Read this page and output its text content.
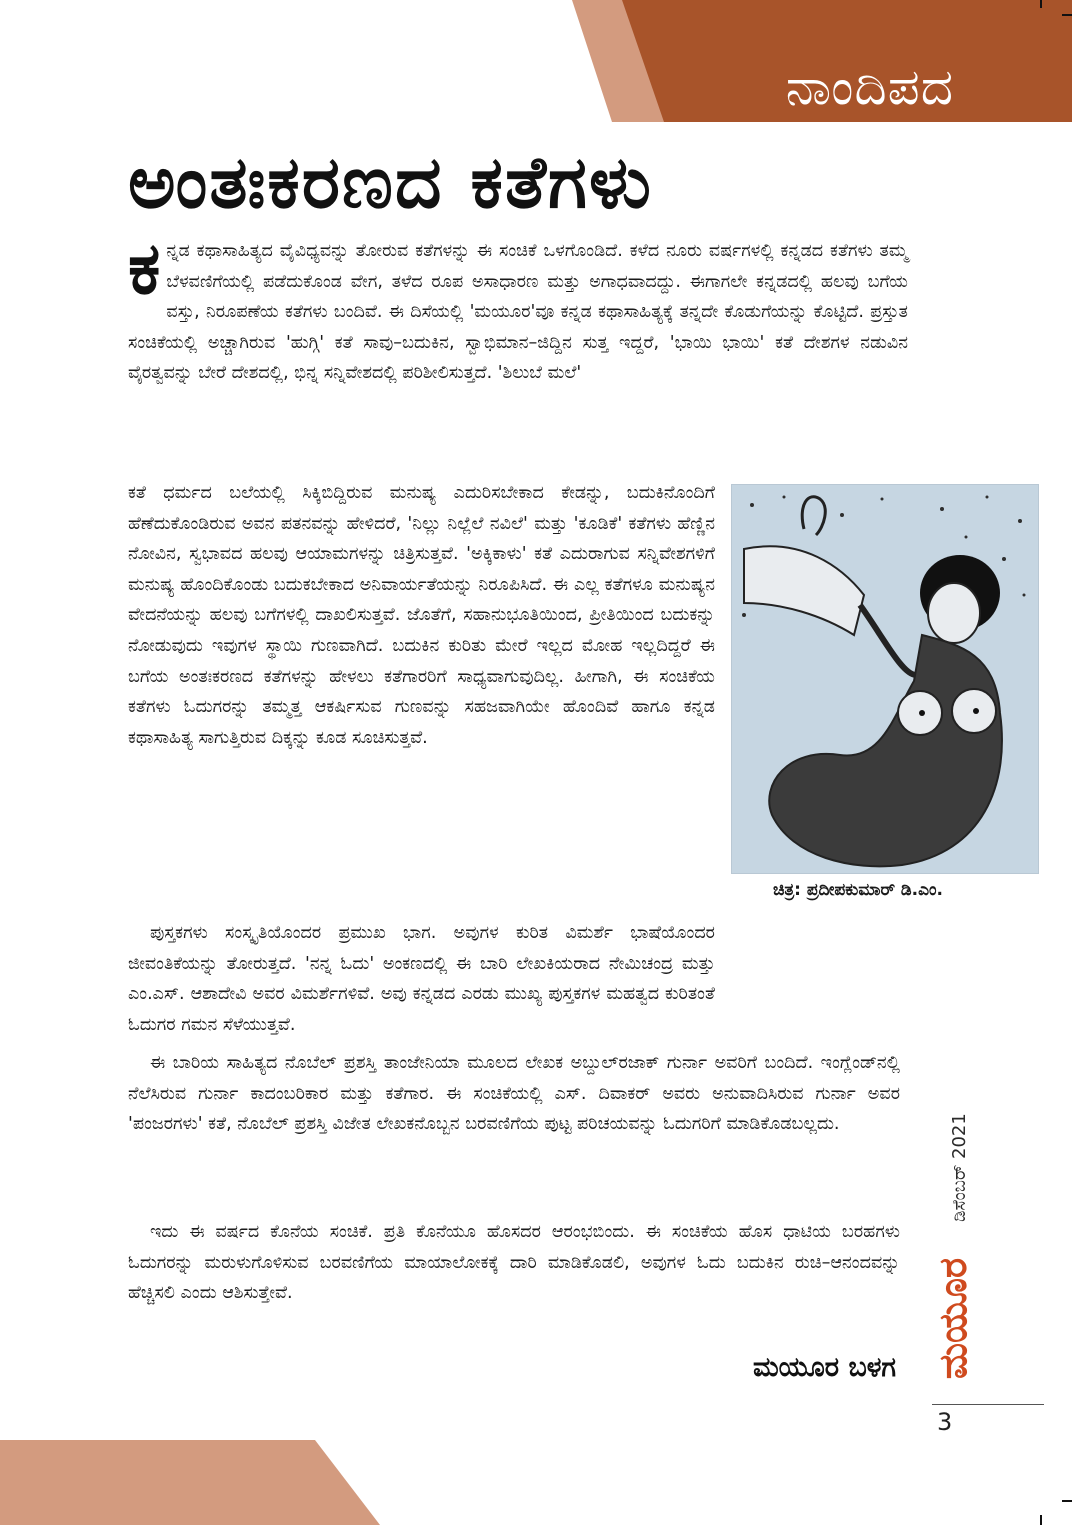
ನಾಂದಿಪದ
ಅಂತಃಕರಣದ ಕತೆಗಳು

ಕ ನ್ನಡ ಕಥಾಸಾಹಿತ್ಯದ ವೈವಿಧ್ಯವನ್ನು ತೋರುವ ಕತೆಗಳನ್ನು ಈ ಸಂಚಿಕೆ ಒಳಗೊಂಡಿದೆ. ಕಳೆದ ನೂರು ವರ್ಷಗಳಲ್ಲಿ ಕನ್ನಡದ ಕತೆಗಳು ತಮ್ಮ ಬೆಳವಣಿಗೆಯಲ್ಲಿ ಪಡೆದುಕೊಂಡ ವೇಗ, ತಳೆದ ರೂಪ ಅಸಾಧಾರಣ ಮತ್ತು ಅಗಾಧವಾದದ್ದು. ಈಗಾಗಲೇ ಕನ್ನಡದಲ್ಲಿ ಹಲವು ಬಗೆಯ ವಸ್ತು, ನಿರೂಪಣೆಯ ಕತೆಗಳು ಬಂದಿವೆ. ಈ ದಿಸೆಯಲ್ಲಿ 'ಮಯೂರ'ವೂ ಕನ್ನಡ ಕಥಾಸಾಹಿತ್ಯಕ್ಕೆ ತನ್ನದೇ ಕೊಡುಗೆಯನ್ನು ಕೊಟ್ಟಿದೆ. ಪ್ರಸ್ತುತ ಸಂಚಿಕೆಯಲ್ಲಿ ಅಚ್ಚಾಗಿರುವ 'ಹುಗ್ಗಿ' ಕತೆ ಸಾವು–ಬದುಕಿನ, ಸ್ವಾಭಿಮಾನ–ಜಿದ್ದಿನ ಸುತ್ತ ಇದ್ದರೆ, 'ಭಾಯಿ ಭಾಯಿ' ಕತೆ ದೇಶಗಳ ನಡುವಿನ ವೈರತ್ವವನ್ನು ಬೇರೆ ದೇಶದಲ್ಲಿ, ಭಿನ್ನ ಸನ್ನಿವೇಶದಲ್ಲಿ ಪರಿಶೀಲಿಸುತ್ತದೆ. 'ಶಿಲುಬೆ ಮಲೆ'

ಕತೆ ಧರ್ಮದ ಬಲೆಯಲ್ಲಿ ಸಿಕ್ಕಿಬಿದ್ದಿರುವ ಮನುಷ್ಯ ಎದುರಿಸಬೇಕಾದ ಕೇಡನ್ನು, ಬದುಕಿನೊಂದಿಗೆ ಹೆಣೆದುಕೊಂಡಿರುವ ಅವನ ಪತನವನ್ನು ಹೇಳಿದರೆ, 'ನಿಲ್ಲು ನಿಲ್ಲೆಲೆ ನವಿಲೆ' ಮತ್ತು 'ಕೂಡಿಕೆ' ಕತೆಗಳು ಹೆಣ್ಣಿನ ನೋವಿನ, ಸ್ವಭಾವದ ಹಲವು ಆಯಾಮಗಳನ್ನು ಚಿತ್ರಿಸುತ್ತವೆ. 'ಅಕ್ಕಿಕಾಳು' ಕತೆ ಎದುರಾಗುವ ಸನ್ನಿವೇಶಗಳಿಗೆ ಮನುಷ್ಯ ಹೊಂದಿಕೊಂಡು ಬದುಕಬೇಕಾದ ಅನಿವಾರ್ಯತೆಯನ್ನು ನಿರೂಪಿಸಿದೆ. ಈ ಎಲ್ಲ ಕತೆಗಳೂ ಮನುಷ್ಯನ ವೇದನೆಯನ್ನು ಹಲವು ಬಗೆಗಳಲ್ಲಿ ದಾಖಲಿಸುತ್ತವೆ. ಜೊತೆಗೆ, ಸಹಾನುಭೂತಿಯಿಂದ, ಪ್ರೀತಿಯಿಂದ ಬದುಕನ್ನು ನೋಡುವುದು ಇವುಗಳ ಸ್ಥಾಯಿ ಗುಣವಾಗಿದೆ. ಬದುಕಿನ ಕುರಿತು ಮೇರೆ ಇಲ್ಲದ ಮೋಹ ಇಲ್ಲದಿದ್ದರೆ ಈ ಬಗೆಯ ಅಂತಃಕರಣದ ಕತೆಗಳನ್ನು ಹೇಳಲು ಕತೆಗಾರರಿಗೆ ಸಾಧ್ಯವಾಗುವುದಿಲ್ಲ. ಹೀಗಾಗಿ, ಈ ಸಂಚಿಕೆಯ ಕತೆಗಳು ಓದುಗರನ್ನು ತಮ್ಮತ್ತ ಆಕರ್ಷಿಸುವ ಗುಣವನ್ನು ಸಹಜವಾಗಿಯೇ ಹೊಂದಿವೆ ಹಾಗೂ ಕನ್ನಡ ಕಥಾಸಾಹಿತ್ಯ ಸಾಗುತ್ತಿರುವ ದಿಕ್ಕನ್ನು ಕೂಡ ಸೂಚಿಸುತ್ತವೆ.

ಚಿತ್ರ: ಪ್ರದೀಪಕುಮಾರ್ ಡಿ.ಎಂ.

ಪುಸ್ತಕಗಳು ಸಂಸ್ಕೃತಿಯೊಂದರ ಪ್ರಮುಖ ಭಾಗ. ಅವುಗಳ ಕುರಿತ ವಿಮರ್ಶೆ ಭಾಷೆಯೊಂದರ ಜೀವಂತಿಕೆಯನ್ನು ತೋರುತ್ತದೆ. 'ನನ್ನ ಓದು' ಅಂಕಣದಲ್ಲಿ ಈ ಬಾರಿ ಲೇಖಕಿಯರಾದ ನೇಮಿಚಂದ್ರ ಮತ್ತು ಎಂ.ಎಸ್. ಆಶಾದೇವಿ ಅವರ ವಿಮರ್ಶೆಗಳಿವೆ. ಅವು ಕನ್ನಡದ ಎರಡು ಮುಖ್ಯ ಪುಸ್ತಕಗಳ ಮಹತ್ವದ ಕುರಿತಂತೆ ಓದುಗರ ಗಮನ ಸೆಳೆಯುತ್ತವೆ.

ಈ ಬಾರಿಯ ಸಾಹಿತ್ಯದ ನೊಬೆಲ್ ಪ್ರಶಸ್ತಿ ತಾಂಜೇನಿಯಾ ಮೂಲದ ಲೇಖಕ ಅಬ್ದುಲ್‌ರಜಾಕ್ ಗುರ್ನಾ ಅವರಿಗೆ ಬಂದಿದೆ. ಇಂಗ್ಲೆಂಡ್‌ನಲ್ಲಿ ನೆಲೆಸಿರುವ ಗುರ್ನಾ ಕಾದಂಬರಿಕಾರ ಮತ್ತು ಕತೆಗಾರ. ಈ ಸಂಚಿಕೆಯಲ್ಲಿ ಎಸ್. ದಿವಾಕರ್ ಅವರು ಅನುವಾದಿಸಿರುವ ಗುರ್ನಾ ಅವರ 'ಪಂಜರಗಳು' ಕತೆ, ನೊಬೆಲ್ ಪ್ರಶಸ್ತಿ ವಿಜೇತ ಲೇಖಕನೊಬ್ಬನ ಬರವಣಿಗೆಯ ಪುಟ್ಟ ಪರಿಚಯವನ್ನು ಓದುಗರಿಗೆ ಮಾಡಿಕೊಡಬಲ್ಲದು.

ಇದು ಈ ವರ್ಷದ ಕೊನೆಯ ಸಂಚಿಕೆ. ಪ್ರತಿ ಕೊನೆಯೂ ಹೊಸದರ ಆರಂಭಬಿಂದು. ಈ ಸಂಚಿಕೆಯ ಹೊಸ ಧಾಟಿಯ ಬರಹಗಳು ಓದುಗರನ್ನು ಮರುಳುಗೊಳಿಸುವ ಬರವಣಿಗೆಯ ಮಾಯಾಲೋಕಕ್ಕೆ ದಾರಿ ಮಾಡಿಕೊಡಲಿ, ಅವುಗಳ ಓದು ಬದುಕಿನ ರುಚಿ–ಆನಂದವನ್ನು ಹೆಚ್ಚಿಸಲಿ ಎಂದು ಆಶಿಸುತ್ತೇವೆ.

ಮಯೂರ ಬಳಗ
ಡಿಸೆಂಬರ್ 2021
ಮಯೂರ
3
